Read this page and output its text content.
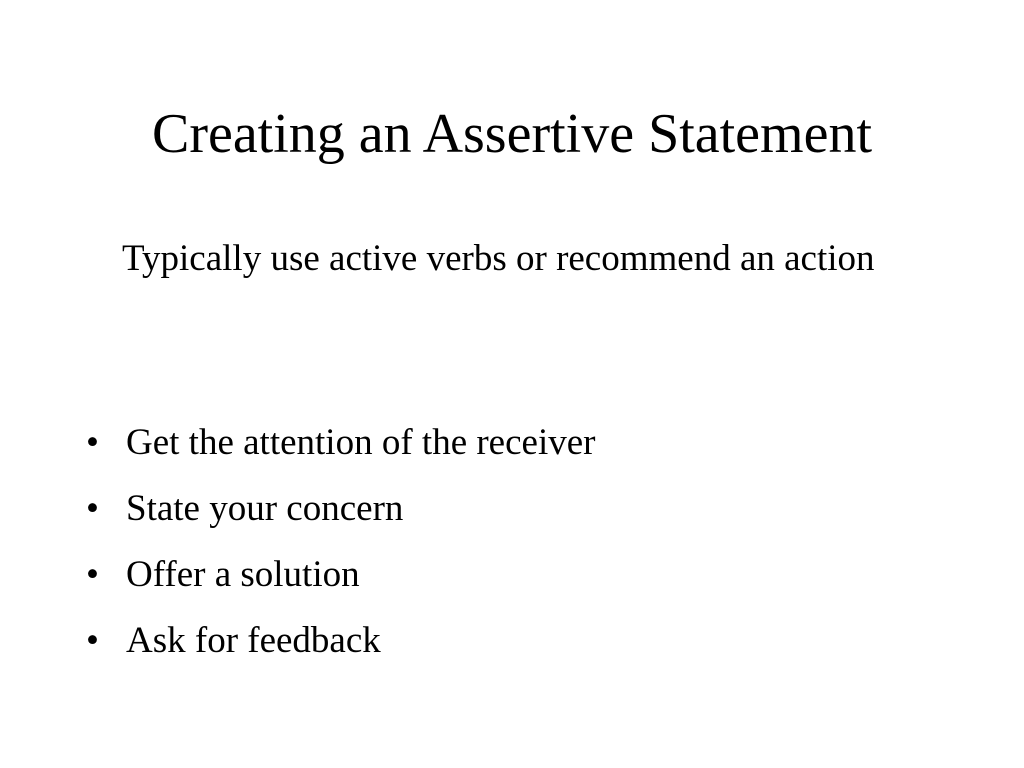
Creating an Assertive Statement
Typically use active verbs or recommend an action
• Get the attention of the receiver
• State your concern
• Offer a solution
• Ask for feedback
